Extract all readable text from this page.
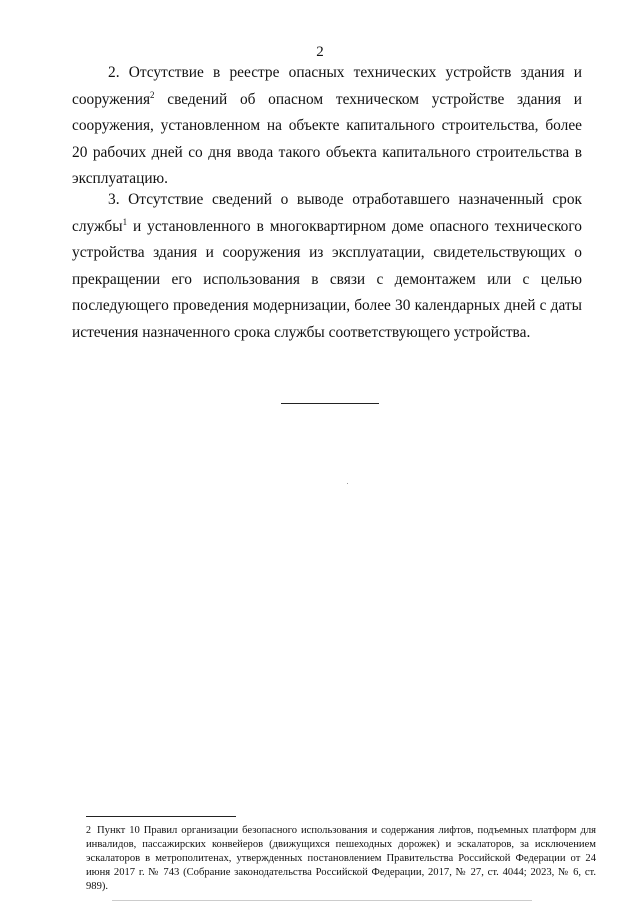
2

2. Отсутствие в реестре опасных технических устройств здания и сооружения$^2$ сведений об опасном техническом устройстве здания и сооружения, установленном на объекте капитального строительства, более 20 рабочих дней со дня ввода такого объекта капитального строительства в эксплуатацию.

3. Отсутствие сведений о выводе отработавшего назначенный срок службы$^1$ и установленного в многоквартирном доме опасного технического устройства здания и сооружения из эксплуатации, свидетельствующих о прекращении его использования в связи с демонтажем или с целью последующего проведения модернизации, более 30 календарных дней с даты истечения назначенного срока службы соответствующего устройства.

2 Пункт 10 Правил организации безопасного использования и содержания лифтов, подъемных платформ для инвалидов, пассажирских конвейеров (движущихся пешеходных дорожек) и эскалаторов, за исключением эскалаторов в метрополитенах, утвержденных постановлением Правительства Российской Федерации от 24 июня 2017 г. № 743 (Собрание законодательства Российской Федерации, 2017, № 27, ст. 4044; 2023, № 6, ст. 989).
